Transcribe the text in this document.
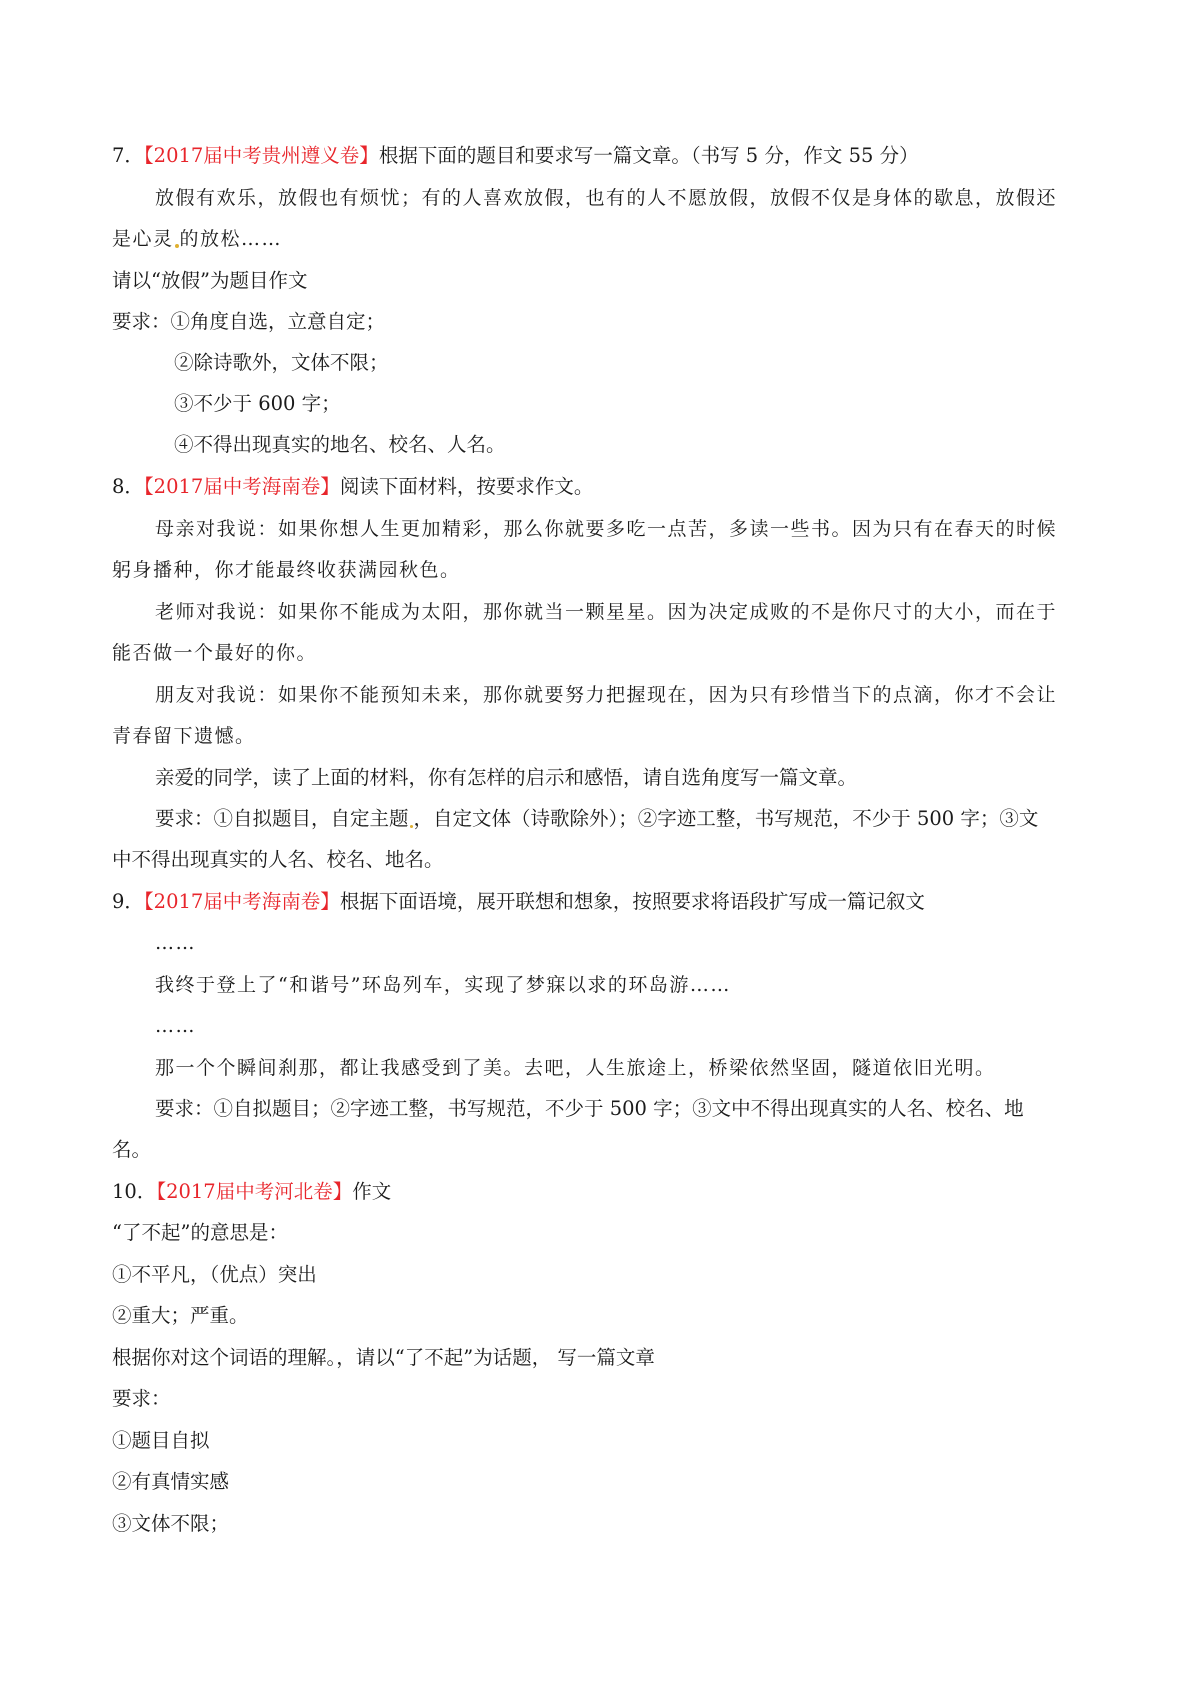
7．【2017届中考贵州遵义卷】根据下面的题目和要求写一篇文章。（书写 5 分，作文 55 分）
放假有欢乐，放假也有烦忧；有的人喜欢放假，也有的人不愿放假，放假不仅是身体的歇息，放假还
是心灵 的放松……
请以“放假”为题目作文
要求：①角度自选，立意自定；
②除诗歌外，文体不限；
③不少于 600 字；
④不得出现真实的地名、校名、人名。
8．【2017届中考海南卷】阅读下面材料，按要求作文。
母亲对我说：如果你想人生更加精彩，那么你就要多吃一点苦，多读一些书。因为只有在春天的时候
躬身播种，你才能最终收获满园秋色。
老师对我说：如果你不能成为太阳，那你就当一颗星星。因为决定成败的不是你尺寸的大小，而在于
能否做一个最好的你。
朋友对我说：如果你不能预知未来，那你就要努力把握现在，因为只有珍惜当下的点滴，你才不会让
青春留下遗憾。
亲爱的同学，读了上面的材料，你有怎样的启示和感悟，请自选角度写一篇文章。
要求：①自拟题目，自定主题 ，自定文体（诗歌除外）；②字迹工整，书写规范，不少于 500 字；③文
中不得出现真实的人名、校名、地名。
9．【2017届中考海南卷】根据下面语境，展开联想和想象，按照要求将语段扩写成一篇记叙文
……
我终于登上了“和谐号”环岛列车，实现了梦寐以求的环岛游……
……
那一个个瞬间刹那，都让我感受到了美。去吧，人生旅途上，桥梁依然坚固，隧道依旧光明。
要求：①自拟题目；②字迹工整，书写规范，不少于 500 字；③文中不得出现真实的人名、校名、地
名。
10．【2017届中考河北卷】作文
“了不起”的意思是：
①不平凡，（优点）突出
②重大；严重。
根据你对这个词语的理解。，请以“了不起”为话题， 写一篇文章
要求：
①题目自拟
②有真情实感
③文体不限；
